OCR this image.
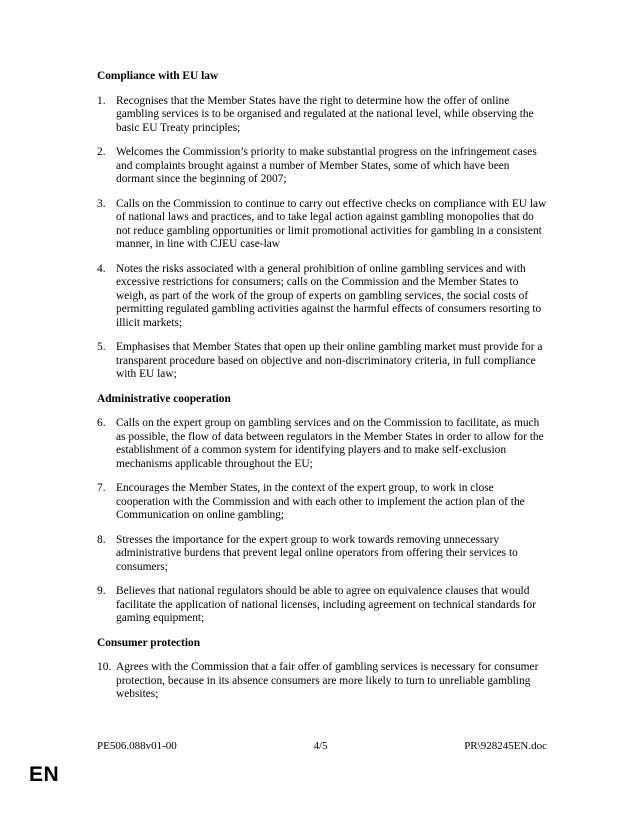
Compliance with EU law
1. Recognises that the Member States have the right to determine how the offer of online gambling services is to be organised and regulated at the national level, while observing the basic EU Treaty principles;
2. Welcomes the Commission’s priority to make substantial progress on the infringement cases and complaints brought against a number of Member States, some of which have been dormant since the beginning of 2007;
3. Calls on the Commission to continue to carry out effective checks on compliance with EU law of national laws and practices, and to take legal action against gambling monopolies that do not reduce gambling opportunities or limit promotional activities for gambling in a consistent manner, in line with CJEU case-law
4. Notes the risks associated with a general prohibition of online gambling services and with excessive restrictions for consumers; calls on the Commission and the Member States to weigh, as part of the work of the group of experts on gambling services, the social costs of permitting regulated gambling activities against the harmful effects of consumers resorting to illicit markets;
5. Emphasises that Member States that open up their online gambling market must provide for a transparent procedure based on objective and non-discriminatory criteria, in full compliance with EU law;
Administrative cooperation
6. Calls on the expert group on gambling services and on the Commission to facilitate, as much as possible, the flow of data between regulators in the Member States in order to allow for the establishment of a common system for identifying players and to make self-exclusion mechanisms applicable throughout the EU;
7. Encourages the Member States, in the context of the expert group, to work in close cooperation with the Commission and with each other to implement the action plan of the Communication on online gambling;
8. Stresses the importance for the expert group to work towards removing unnecessary administrative burdens that prevent legal online operators from offering their services to consumers;
9. Believes that national regulators should be able to agree on equivalence clauses that would facilitate the application of national licenses, including agreement on technical standards for gaming equipment;
Consumer protection
10. Agrees with the Commission that a fair offer of gambling services is necessary for consumer protection, because in its absence consumers are more likely to turn to unreliable gambling websites;
PE506.088v01-00	4/5	PR\928245EN.doc
EN
